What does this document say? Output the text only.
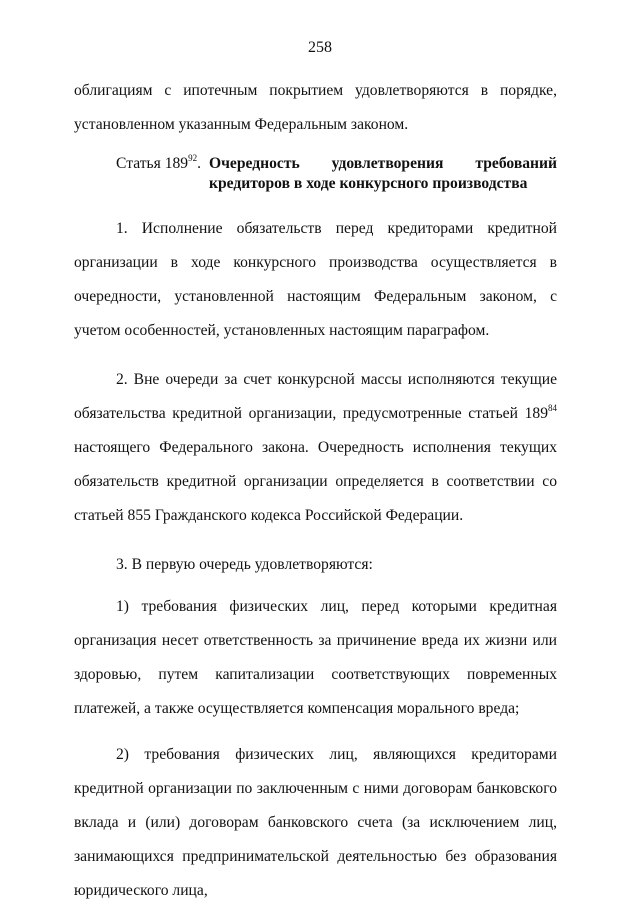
258

облигациям с ипотечным покрытием удовлетворяются в порядке, установленном указанным Федеральным законом.

Статья $189^{92}$. Очередность удовлетворения требований
кредиторов в ходе конкурсного производства

1. Исполнение обязательств перед кредиторами кредитной организации в ходе конкурсного производства осуществляется в очередности, установленной настоящим Федеральным законом, с учетом особенностей, установленных настоящим параграфом.

2. Вне очереди за счет конкурсной массы исполняются текущие обязательства кредитной организации, предусмотренные статьей $189^{84}$ настоящего Федерального закона. Очередность исполнения текущих обязательств кредитной организации определяется в соответствии со статьей 855 Гражданского кодекса Российской Федерации.

3. В первую очередь удовлетворяются:

1) требования физических лиц, перед которыми кредитная организация несет ответственность за причинение вреда их жизни или здоровью, путем капитализации соответствующих повременных платежей, а также осуществляется компенсация морального вреда;

2) требования физических лиц, являющихся кредиторами кредитной организации по заключенным с ними договорам банковского вклада и (или) договорам банковского счета (за исключением лиц, занимающихся предпринимательской деятельностью без образования юридического лица,
